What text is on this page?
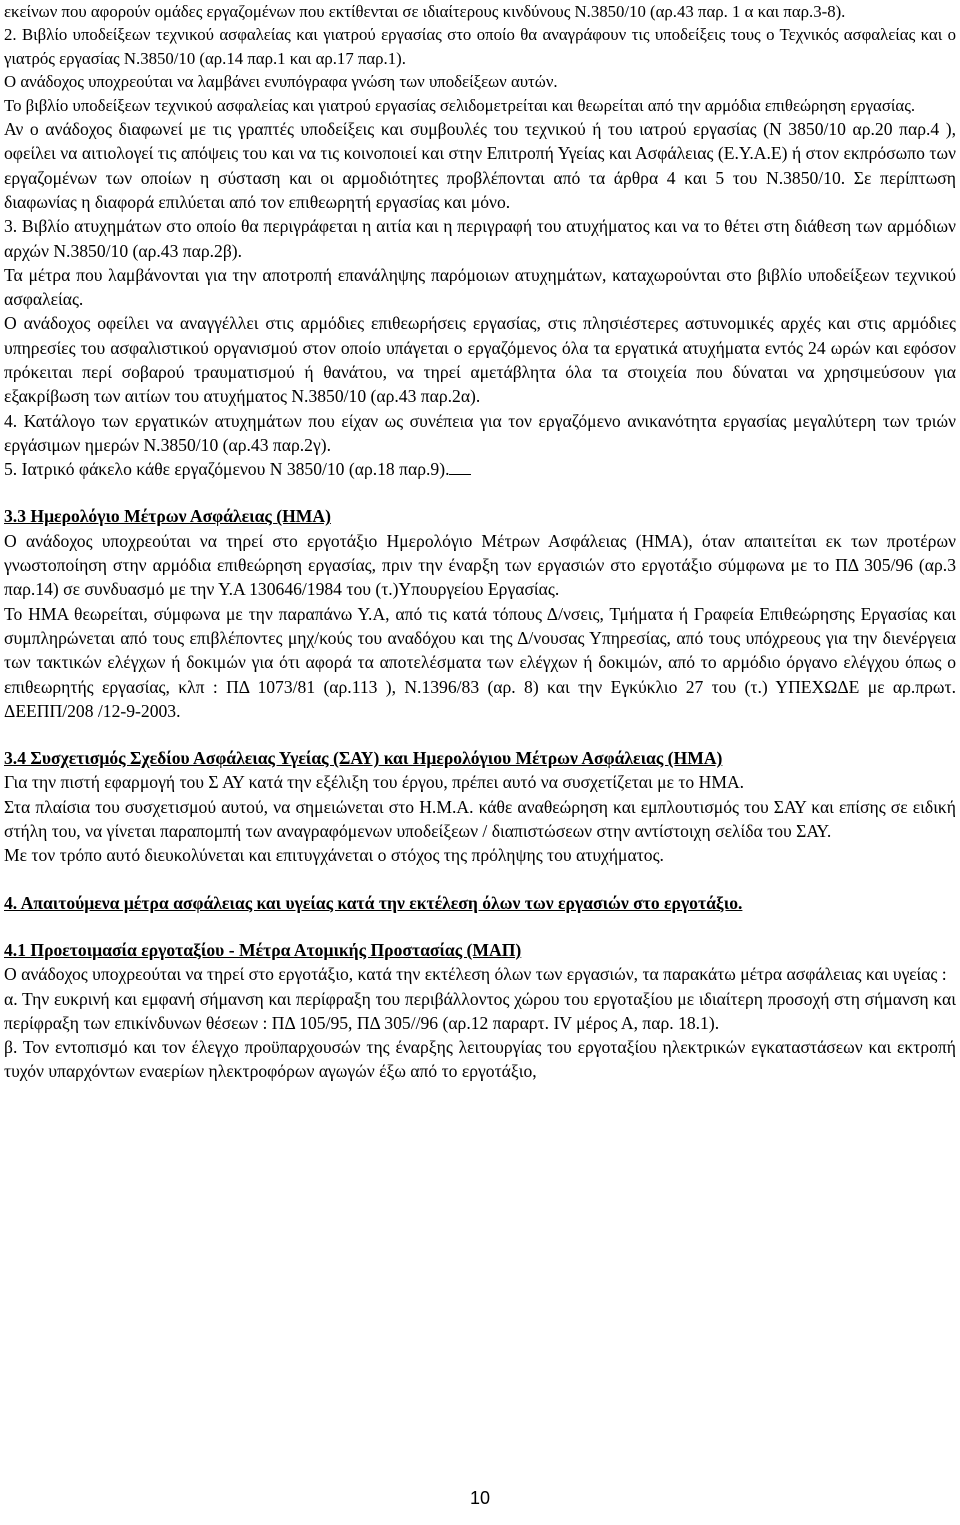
εκείνων που αφορούν ομάδες εργαζομένων που εκτίθενται σε ιδιαίτερους κινδύνους Ν.3850/10 (αρ.43 παρ. 1 α και παρ.3-8).

2. Βιβλίο υποδείξεων τεχνικού ασφαλείας και γιατρού εργασίας στο οποίο θα αναγράφουν τις υποδείξεις τους ο Τεχνικός ασφαλείας και ο γιατρός εργασίας Ν.3850/10 (αρ.14 παρ.1 και αρ.17 παρ.1).

Ο ανάδοχος υποχρεούται να λαμβάνει ενυπόγραφα γνώση των υποδείξεων αυτών.

Το βιβλίο υποδείξεων τεχνικού ασφαλείας και γιατρού εργασίας σελιδομετρείται και θεωρείται από την αρμόδια επιθεώρηση εργασίας.

Αν ο ανάδοχος διαφωνεί με τις γραπτές υποδείξεις και συμβουλές του τεχνικού ή του ιατρού εργασίας (Ν 3850/10 αρ.20 παρ.4 ), οφείλει να αιτιολογεί τις απόψεις του και να τις κοινοποιεί και στην Επιτροπή Υγείας και Ασφάλειας (Ε.Υ.Α.Ε) ή στον εκπρόσωπο των εργαζομένων των οποίων η σύσταση και οι αρμοδιότητες προβλέπονται από τα άρθρα 4 και 5 του Ν.3850/10. Σε περίπτωση διαφωνίας η διαφορά επιλύεται από τον επιθεωρητή εργασίας και μόνο.

3. Βιβλίο ατυχημάτων στο οποίο θα περιγράφεται η αιτία και η περιγραφή του ατυχήματος και να το θέτει στη διάθεση των αρμόδιων αρχών Ν.3850/10 (αρ.43 παρ.2β).

Τα μέτρα που λαμβάνονται για την αποτροπή επανάληψης παρόμοιων ατυχημάτων, καταχωρούνται στο βιβλίο υποδείξεων τεχνικού ασφαλείας.

Ο ανάδοχος οφείλει να αναγγέλλει στις αρμόδιες επιθεωρήσεις εργασίας, στις πλησιέστερες αστυνομικές αρχές και στις αρμόδιες υπηρεσίες του ασφαλιστικού οργανισμού στον οποίο υπάγεται ο εργαζόμενος όλα τα εργατικά ατυχήματα εντός 24 ωρών και εφόσον πρόκειται περί σοβαρού τραυματισμού ή θανάτου, να τηρεί αμετάβλητα όλα τα στοιχεία που δύναται να χρησιμεύσουν για εξακρίβωση των αιτίων του ατυχήματος Ν.3850/10 (αρ.43 παρ.2α).

4. Κατάλογο των εργατικών ατυχημάτων που είχαν ως συνέπεια για τον εργαζόμενο ανικανότητα εργασίας μεγαλύτερη των τριών εργάσιμων ημερών Ν.3850/10 (αρ.43 παρ.2γ).

5. Ιατρικό φάκελο κάθε εργαζόμενου Ν 3850/10 (αρ.18 παρ.9).

3.3 Ημερολόγιο Μέτρων Ασφάλειας (ΗΜΑ)

Ο ανάδοχος υποχρεούται να τηρεί στο εργοτάξιο Ημερολόγιο Μέτρων Ασφάλειας (ΗΜΑ), όταν απαιτείται εκ των προτέρων γνωστοποίηση στην αρμόδια επιθεώρηση εργασίας, πριν την έναρξη των εργασιών στο εργοτάξιο σύμφωνα με το ΠΔ 305/96 (αρ.3 παρ.14) σε συνδυασμό με την Υ.Α 130646/1984 του (τ.)Υπουργείου Εργασίας.

Το ΗΜΑ θεωρείται, σύμφωνα με την παραπάνω Υ.Α, από τις κατά τόπους Δ/νσεις, Τμήματα ή Γραφεία Επιθεώρησης Εργασίας και συμπληρώνεται από τους επιβλέποντες μηχ/κούς του αναδόχου και της Δ/νουσας Υπηρεσίας, από τους υπόχρεους για την διενέργεια των τακτικών ελέγχων ή δοκιμών για ότι αφορά τα αποτελέσματα των ελέγχων ή δοκιμών, από το αρμόδιο όργανο ελέγχου όπως ο επιθεωρητής εργασίας, κλπ : ΠΔ 1073/81 (αρ.113 ), Ν.1396/83 (αρ. 8) και την Εγκύκλιο 27 του (τ.) ΥΠΕΧΩΔΕ με αρ.πρωτ. ΔΕΕΠΠ/208 /12-9-2003.

3.4 Συσχετισμός Σχεδίου Ασφάλειας Υγείας (ΣΑΥ) και Ημερολόγιου Μέτρων Ασφάλειας (ΗΜΑ)

Για την πιστή εφαρμογή του Σ ΑΥ κατά την εξέλιξη του έργου, πρέπει αυτό να συσχετίζεται με το ΗΜΑ.

Στα πλαίσια του συσχετισμού αυτού, να σημειώνεται στο Η.Μ.Α. κάθε αναθεώρηση και εμπλουτισμός του ΣΑΥ και επίσης σε ειδική στήλη του, να γίνεται παραπομπή των αναγραφόμενων υποδείξεων / διαπιστώσεων στην αντίστοιχη σελίδα του ΣΑΥ.

Με τον τρόπο αυτό διευκολύνεται και επιτυγχάνεται ο στόχος της πρόληψης του ατυχήματος.

4. Απαιτούμενα μέτρα ασφάλειας και υγείας κατά την εκτέλεση όλων των εργασιών στο εργοτάξιο.

4.1 Προετοιμασία εργοταξίου - Μέτρα Ατομικής Προστασίας (ΜΑΠ)

Ο ανάδοχος υποχρεούται να τηρεί στο εργοτάξιο, κατά την εκτέλεση όλων των εργασιών, τα παρακάτω μέτρα ασφάλειας και υγείας :

α. Την ευκρινή και εμφανή σήμανση και περίφραξη του περιβάλλοντος χώρου του εργοταξίου με ιδιαίτερη προσοχή στη σήμανση και περίφραξη των επικίνδυνων θέσεων : ΠΔ 105/95, ΠΔ 305//96 (αρ.12 παραρτ. IV μέρος Α, παρ. 18.1).

β. Τον εντοπισμό και τον έλεγχο προϋπαρχουσών της έναρξης λειτουργίας του εργοταξίου ηλεκτρικών εγκαταστάσεων και εκτροπή τυχόν υπαρχόντων εναερίων ηλεκτροφόρων αγωγών έξω από το εργοτάξιο,

10
